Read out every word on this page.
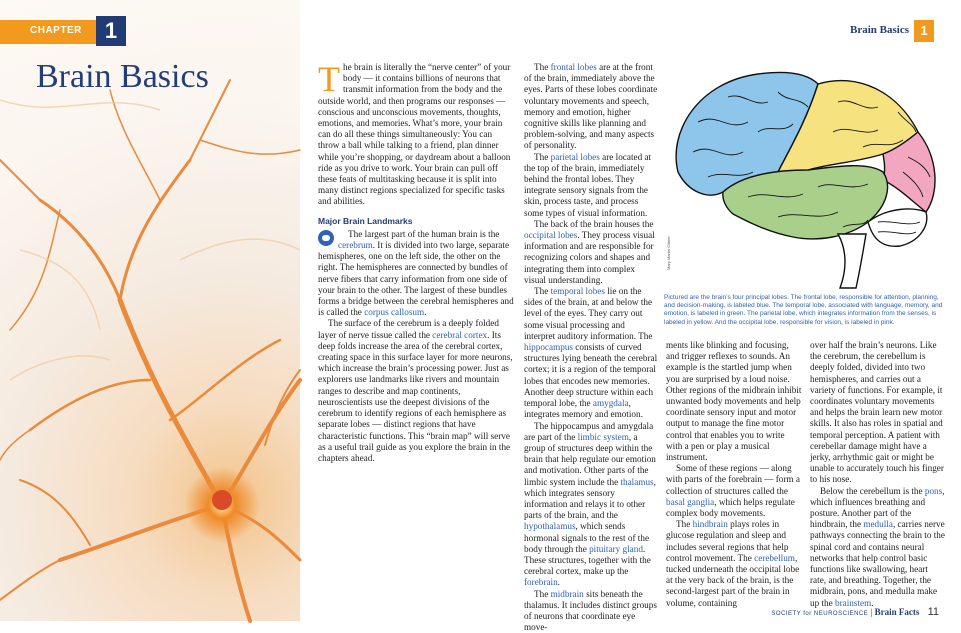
CHAPTER	1
Brain Basics
Brain Basics 1

The brain is literally the “nerve center” of your body — it contains billions of neurons that transmit information from the body and the outside world, and then programs our responses — conscious and unconscious movements, thoughts, emotions, and memories. What’s more, your brain can do all these things simultaneously: You can throw a ball while talking to a friend, plan dinner while you’re shopping, or daydream about a balloon ride as you drive to work. Your brain can pull off these feats of multitasking because it is split into many distinct regions specialized for specific tasks and abilities.

Major Brain Landmarks

The largest part of the human brain is the cerebrum. It is divided into two large, separate hemispheres, one on the left side, the other on the right. The hemispheres are connected by bundles of nerve fibers that carry information from one side of your brain to the other. The largest of these bundles forms a bridge between the cerebral hemispheres and is called the corpus callosum.

The surface of the cerebrum is a deeply folded layer of nerve tissue called the cerebral cortex. Its deep folds increase the area of the cerebral cortex, creating space in this surface layer for more neurons, which increase the brain’s processing power. Just as explorers use landmarks like rivers and mountain ranges to describe and map continents, neuroscientists use the deepest divisions of the cerebrum to identify regions of each hemisphere as separate lobes — distinct regions that have characteristic functions. This “brain map” will serve as a useful trail guide as you explore the brain in the chapters ahead.

The frontal lobes are at the front of the brain, immediately above the eyes. Parts of these lobes coordinate voluntary movements and speech, memory and emotion, higher cognitive skills like planning and problem-solving, and many aspects of personality.

The parietal lobes are located at the top of the brain, immediately behind the frontal lobes. They integrate sensory signals from the skin, process taste, and process some types of visual information.

The back of the brain houses the occipital lobes. They process visual information and are responsible for recognizing colors and shapes and integrating them into complex visual understanding.

The temporal lobes lie on the sides of the brain, at and below the level of the eyes. They carry out some visual processing and interpret auditory information. The hippocampus consists of curved structures lying beneath the cerebral cortex; it is a region of the temporal lobes that encodes new memories. Another deep structure within each temporal lobe, the amygdala, integrates memory and emotion.

The hippocampus and amygdala are part of the limbic system, a group of structures deep within the brain that help regulate our emotion and motivation. Other parts of the limbic system include the thalamus, which integrates sensory information and relays it to other parts of the brain, and the hypothalamus, which sends hormonal signals to the rest of the body through the pituitary gland. These structures, together with the cerebral cortex, make up the forebrain.

The midbrain sits beneath the thalamus. It includes distinct groups of neurons that coordinate eye move-

Mary Martin Climer
Pictured are the brain’s four principal lobes. The frontal lobe, responsible for attention, planning, and decision-making, is labeled blue. The temporal lobe, associated with language, memory, and emotion, is labeled in green. The parietal lobe, which integrates information from the senses, is labeled in yellow. And the occipital lobe, responsible for vision, is labeled in pink.

ments like blinking and focusing, and trigger reflexes to sounds. An example is the startled jump when you are surprised by a loud noise. Other regions of the midbrain inhibit unwanted body movements and help coordinate sensory input and motor output to manage the fine motor control that enables you to write with a pen or play a musical instrument.

Some of these regions — along with parts of the forebrain — form a collection of structures called the basal ganglia, which helps regulate complex body movements.

The hindbrain plays roles in glucose regulation and sleep and includes several regions that help control movement. The cerebellum, tucked underneath the occipital lobe at the very back of the brain, is the second-largest part of the brain in volume, containing

over half the brain’s neurons. Like the cerebrum, the cerebellum is deeply folded, divided into two hemispheres, and carries out a variety of functions. For example, it coordinates voluntary movements and helps the brain learn new motor skills. It also has roles in spatial and temporal perception. A patient with cerebellar damage might have a jerky, arrhythmic gait or might be unable to accurately touch his finger to his nose.

Below the cerebellum is the pons, which influences breathing and posture. Another part of the hindbrain, the medulla, carries nerve pathways connecting the brain to the spinal cord and contains neural networks that help control basic functions like swallowing, heart rate, and breathing. Together, the midbrain, pons, and medulla make up the brainstem.

SOCIETY for NEUROSCIENCE | Brain Facts 11
